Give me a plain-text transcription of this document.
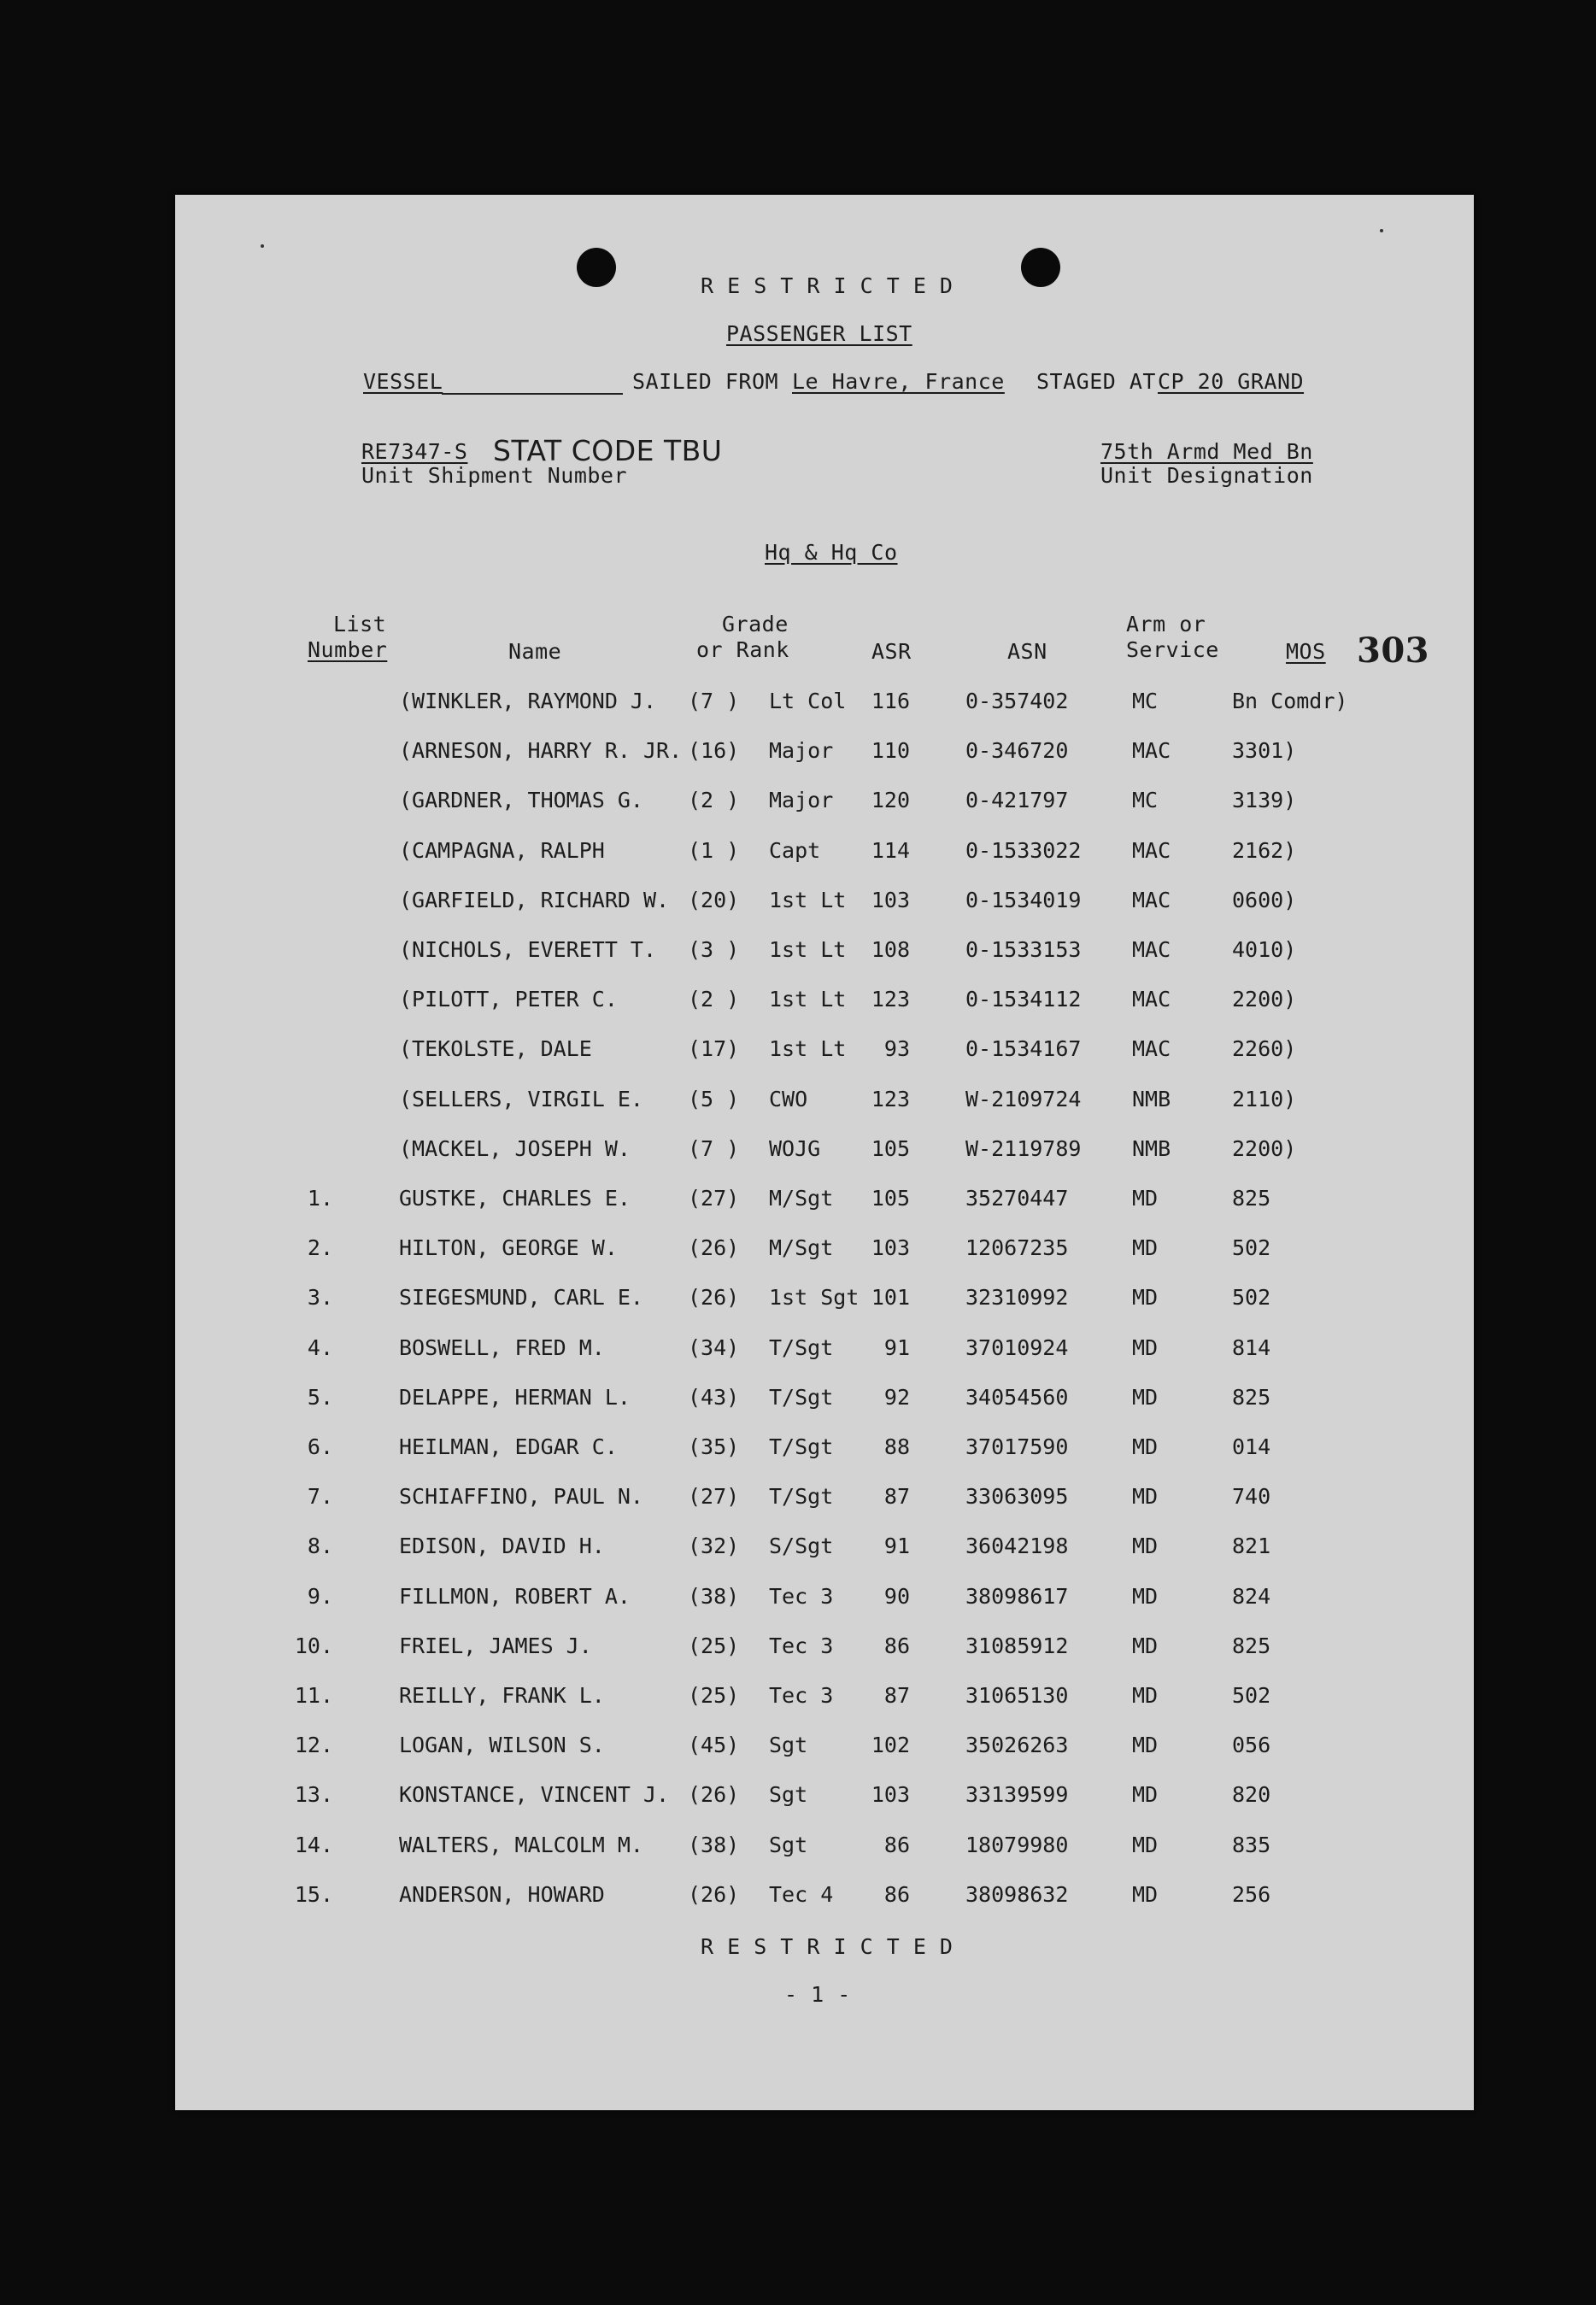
R E S T R I C T E D
PASSENGER LIST
VESSEL	SAILED FROM Le Havre, France STAGED AT CP 20 GRAND
RE7347-S STAT CODE TBU
Unit Shipment Number
75th Armd Med Bn
Unit Designation
Hq & Hq Co
List
Number	Name
Grade
or Rank	ASR	ASN
Arm or
Service	MOS 303
(WINKLER, RAYMOND J. (7 ) Lt Col	116	0-357402	MC	Bn Comdr)
(ARNESON, HARRY R. JR. (16) Major	110	0-346720	MAC	3301)
(GARDNER, THOMAS G. (2 ) Major	120	0-421797	MC	3139)
(CAMPAGNA, RALPH	(1 ) Capt	114	0-1533022 MAC	2162)
(GARFIELD, RICHARD W. (20) 1st Lt	103	0-1534019 MAC	0600)
(NICHOLS, EVERETT T. (3 ) 1st Lt	108	0-1533153 MAC	4010)
(PILOTT, PETER C.	(2 ) 1st Lt	123	0-1534112 MAC	2200)
(TEKOLSTE, DALE	(17) 1st Lt	93	0-1534167 MAC	2260)
(SELLERS, VIRGIL E. (5 ) CWO	123	W-2109724 NMB	2110)
(MACKEL, JOSEPH W.	(7 ) WOJG	105	W-2119789 NMB	2200)
1.	GUSTKE, CHARLES E.	(27) M/Sgt	105	35270447	MD	825
2.	HILTON, GEORGE W.	(26) M/Sgt	103	12067235	MD	502
3.	SIEGESMUND, CARL E. (26) 1st Sgt 101	32310992	MD	502
4.	BOSWELL, FRED M.	(34) T/Sgt	91	37010924	MD	814
5.	DELAPPE, HERMAN L.	(43) T/Sgt	92	34054560	MD	825
6.	HEILMAN, EDGAR C.	(35) T/Sgt	88	37017590	MD	014
7.	SCHIAFFINO, PAUL N. (27) T/Sgt	87	33063095	MD	740
8.	EDISON, DAVID H.	(32) S/Sgt	91	36042198	MD	821
9.	FILLMON, ROBERT A.	(38) Tec 3	90	38098617	MD	824
10.	FRIEL, JAMES J.	(25) Tec 3	86	31085912	MD	825
11.	REILLY, FRANK L.	(25) Tec 3	87	31065130	MD	502
12.	LOGAN, WILSON S.	(45) Sgt	102	35026263	MD	056
13.	KONSTANCE, VINCENT J. (26) Sgt	103	33139599	MD	820
14.	WALTERS, MALCOLM M. (38) Sgt	86	18079980	MD	835
15.	ANDERSON, HOWARD	(26) Tec 4	86	38098632	MD	256
R E S T R I C T E D
- 1 -
